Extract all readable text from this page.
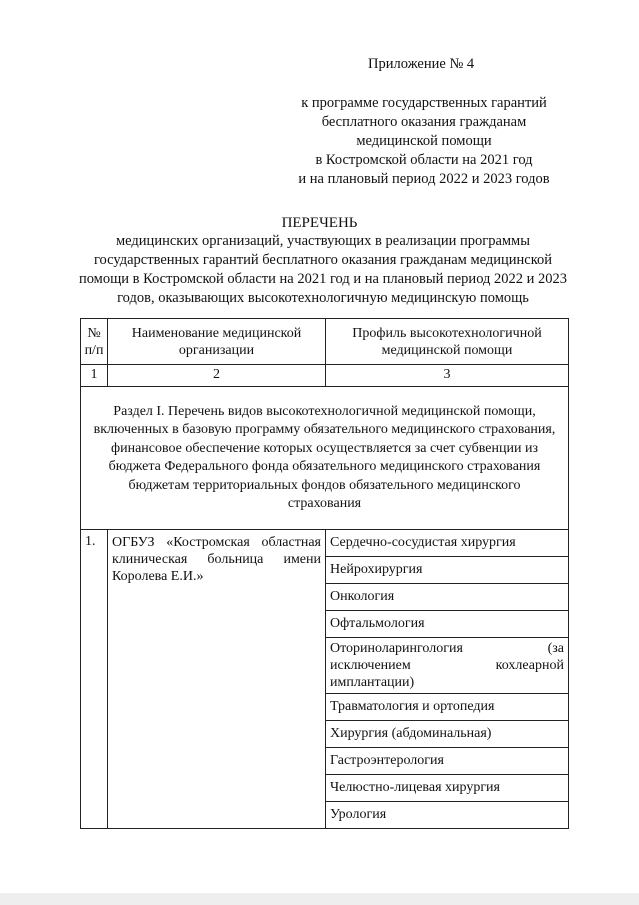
Приложение № 4
к программе государственных гарантий
бесплатного оказания гражданам
медицинской помощи
в Костромской области на 2021 год
и на плановый период 2022 и 2023 годов
ПЕРЕЧЕНЬ
медицинских организаций, участвующих в реализации программы государственных гарантий бесплатного оказания гражданам медицинской помощи в Костромской области на 2021 год и на плановый период 2022 и 2023 годов, оказывающих высокотехнологичную медицинскую помощь
№ п/п	Наименование медицинской организации	Профиль высокотехнологичной медицинской помощи
1	2	3
Раздел I. Перечень видов высокотехнологичной медицинской помощи, включенных в базовую программу обязательного медицинского страхования, финансовое обеспечение которых осуществляется за счет субвенции из бюджета Федерального фонда обязательного медицинского страхования бюджетам территориальных фондов обязательного медицинского страхования		
1.	ОГБУЗ «Костромская областная клиническая больница имени Королева Е.И.»	Сердечно-сосудистая хирургия
		Нейрохирургия
		Онкология
		Офтальмология
		Оториноларингология (за исключением кохлеарной имплантации)
		Травматология и ортопедия
		Хирургия (абдоминальная)
		Гастроэнтерология
		Челюстно-лицевая хирургия
		Урология
